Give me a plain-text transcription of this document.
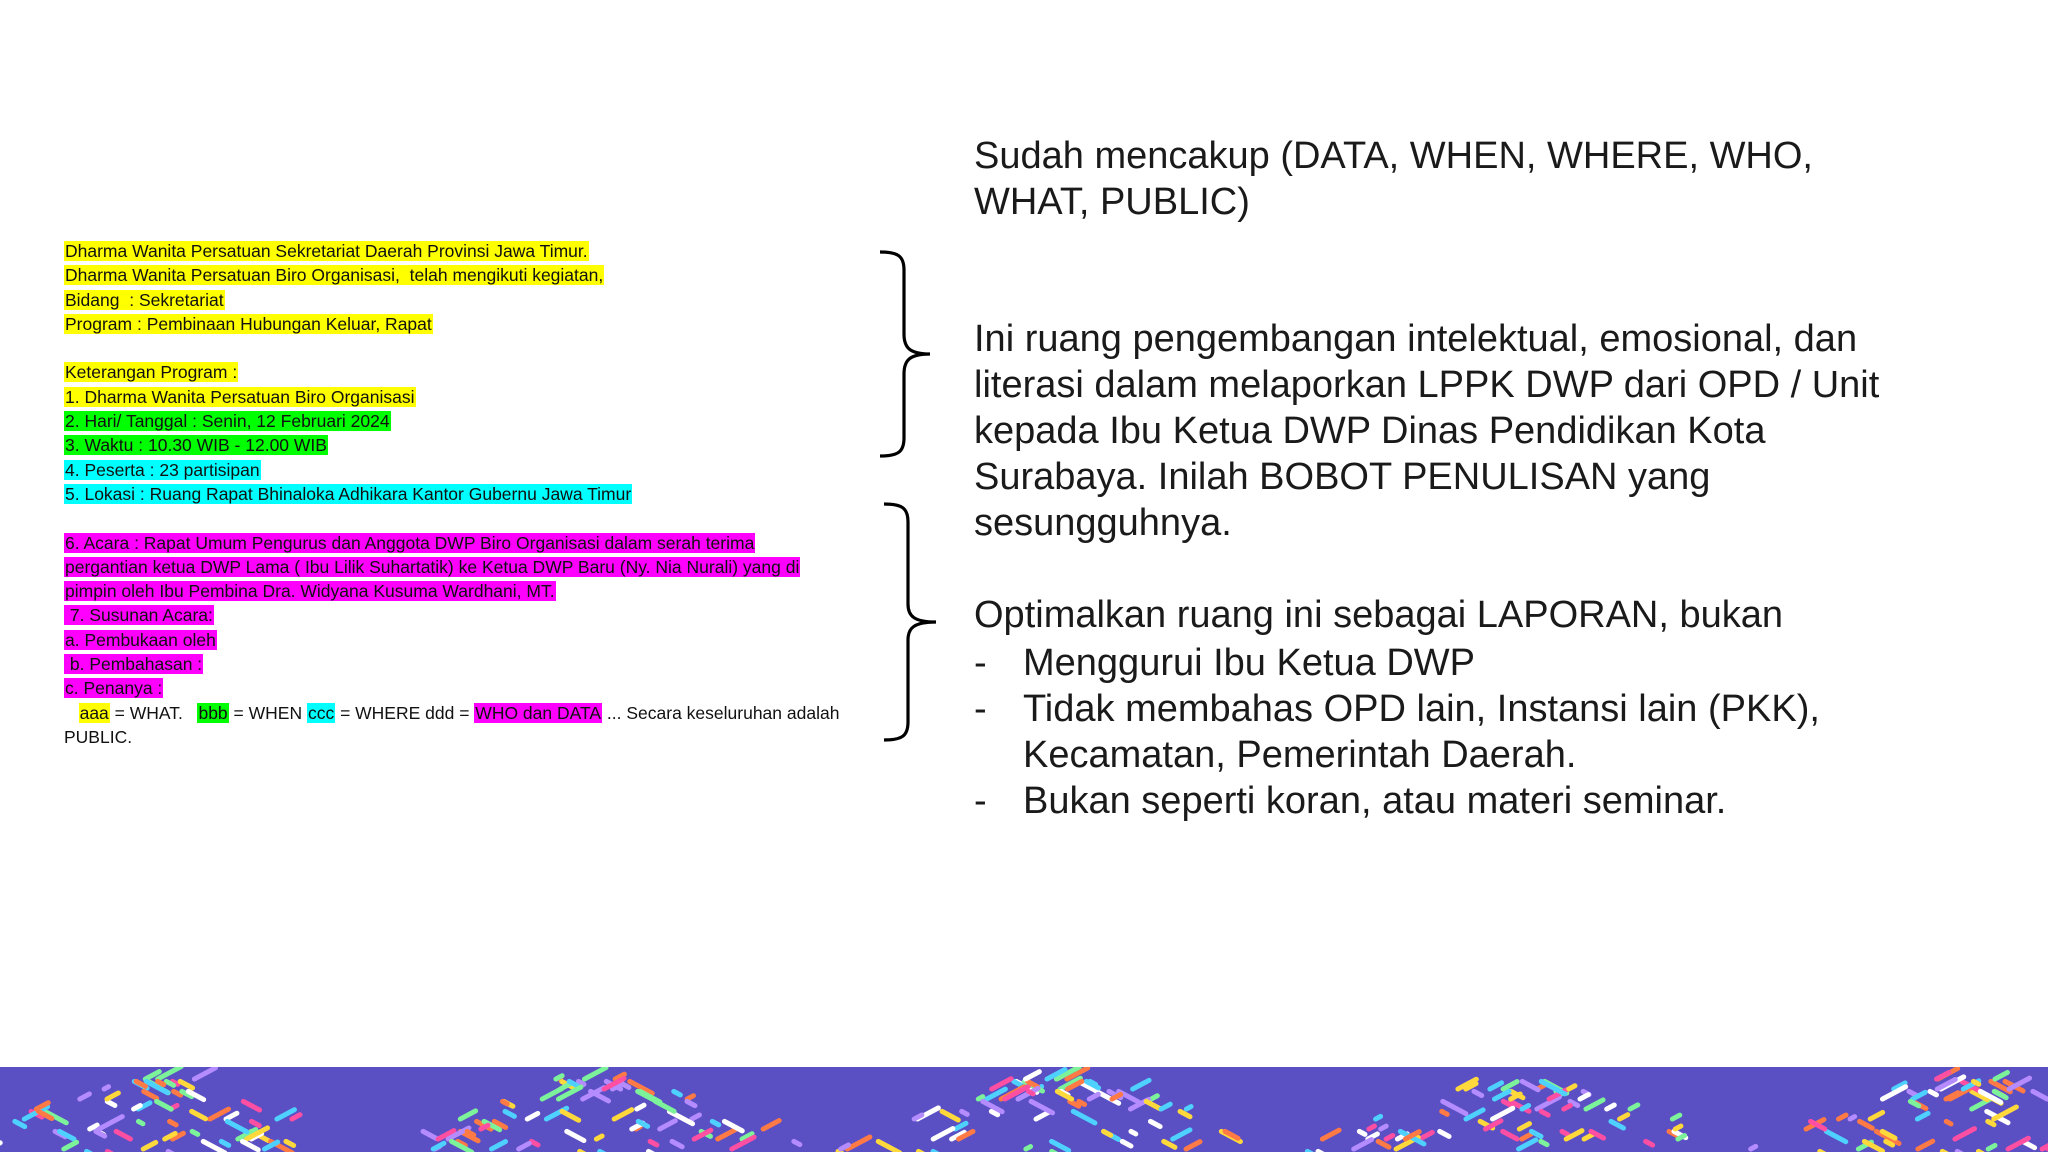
Dharma Wanita Persatuan Sekretariat Daerah Provinsi Jawa Timur.
Dharma Wanita Persatuan Biro Organisasi,  telah mengikuti kegiatan,
Bidang  : Sekretariat
Program : Pembinaan Hubungan Keluar, Rapat
Keterangan Program :
1. Dharma Wanita Persatuan Biro Organisasi
2. Hari/ Tanggal : Senin, 12 Februari 2024
3. Waktu : 10.30 WIB - 12.00 WIB
4. Peserta : 23 partisipan
5. Lokasi : Ruang Rapat Bhinaloka Adhikara Kantor Gubernu Jawa Timur
6. Acara : Rapat Umum Pengurus dan Anggota DWP Biro Organisasi dalam serah terima
pergantian ketua DWP Lama ( Ibu Lilik Suhartatik) ke Ketua DWP Baru (Ny. Nia Nurali) yang di
pimpin oleh Ibu Pembina Dra. Widyana Kusuma Wardhani, MT.
7. Susunan Acara:
a. Pembukaan oleh
b. Pembahasan :
c. Penanya :
aaa = WHAT.   bbb = WHEN ccc = WHERE ddd = WHO dan DATA ... Secara keseluruhan adalah
PUBLIC.
Sudah mencakup (DATA, WHEN, WHERE, WHO,
WHAT, PUBLIC)
Ini ruang pengembangan intelektual, emosional, dan
literasi dalam melaporkan LPPK DWP dari OPD / Unit
kepada Ibu Ketua DWP Dinas Pendidikan Kota
Surabaya. Inilah BOBOT PENULISAN yang
sesungguhnya.
Optimalkan ruang ini sebagai LAPORAN, bukan
- Menggurui Ibu Ketua DWP
- Tidak membahas OPD lain, Instansi lain (PKK),
Kecamatan, Pemerintah Daerah.
- Bukan seperti koran, atau materi seminar.
